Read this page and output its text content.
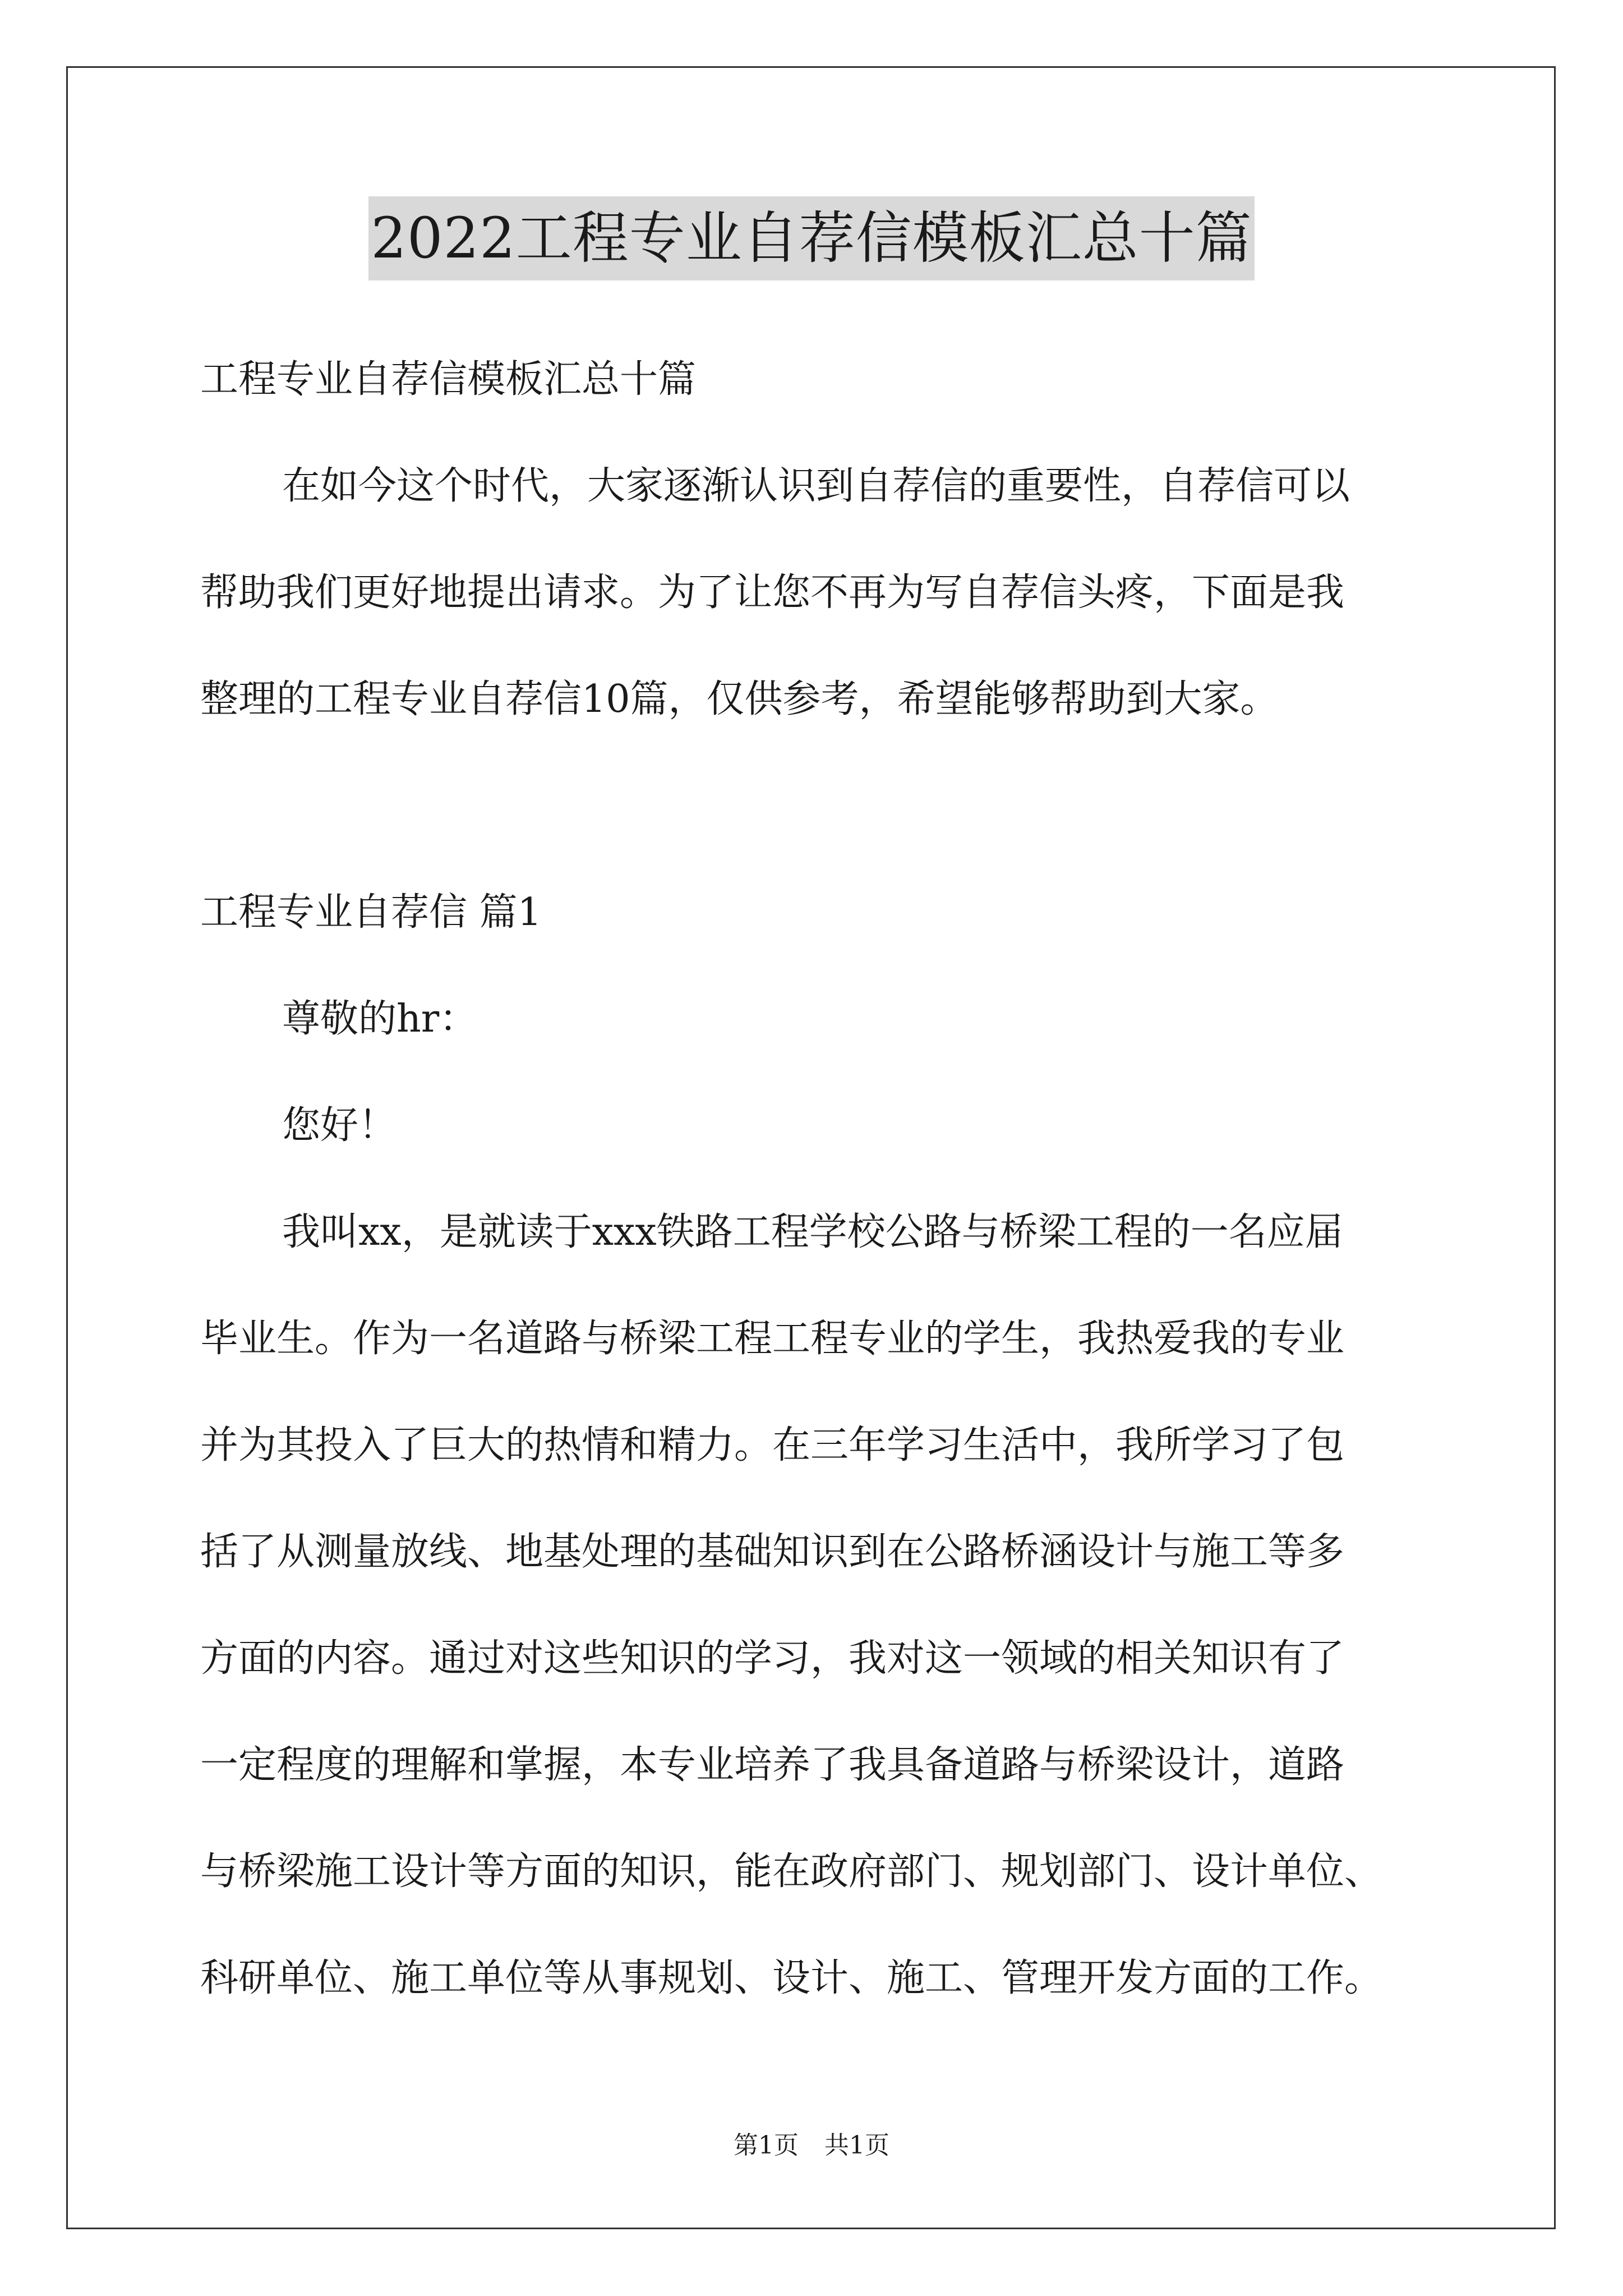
2022工程专业自荐信模板汇总十篇
工程专业自荐信模板汇总十篇
在如今这个时代，大家逐渐认识到自荐信的重要性，自荐信可以
帮助我们更好地提出请求。为了让您不再为写自荐信头疼，下面是我
整理的工程专业自荐信10篇，仅供参考，希望能够帮助到大家。
工程专业自荐信 篇1
尊敬的hr：
您好！
我叫xx，是就读于xxx铁路工程学校公路与桥梁工程的一名应届
毕业生。作为一名道路与桥梁工程工程专业的学生，我热爱我的专业
并为其投入了巨大的热情和精力。在三年学习生活中，我所学习了包
括了从测量放线、地基处理的基础知识到在公路桥涵设计与施工等多
方面的内容。通过对这些知识的学习，我对这一领域的相关知识有了
一定程度的理解和掌握，本专业培养了我具备道路与桥梁设计，道路
与桥梁施工设计等方面的知识，能在政府部门、规划部门、设计单位、
科研单位、施工单位等从事规划、设计、施工、管理开发方面的工作。
第1页 共1页
